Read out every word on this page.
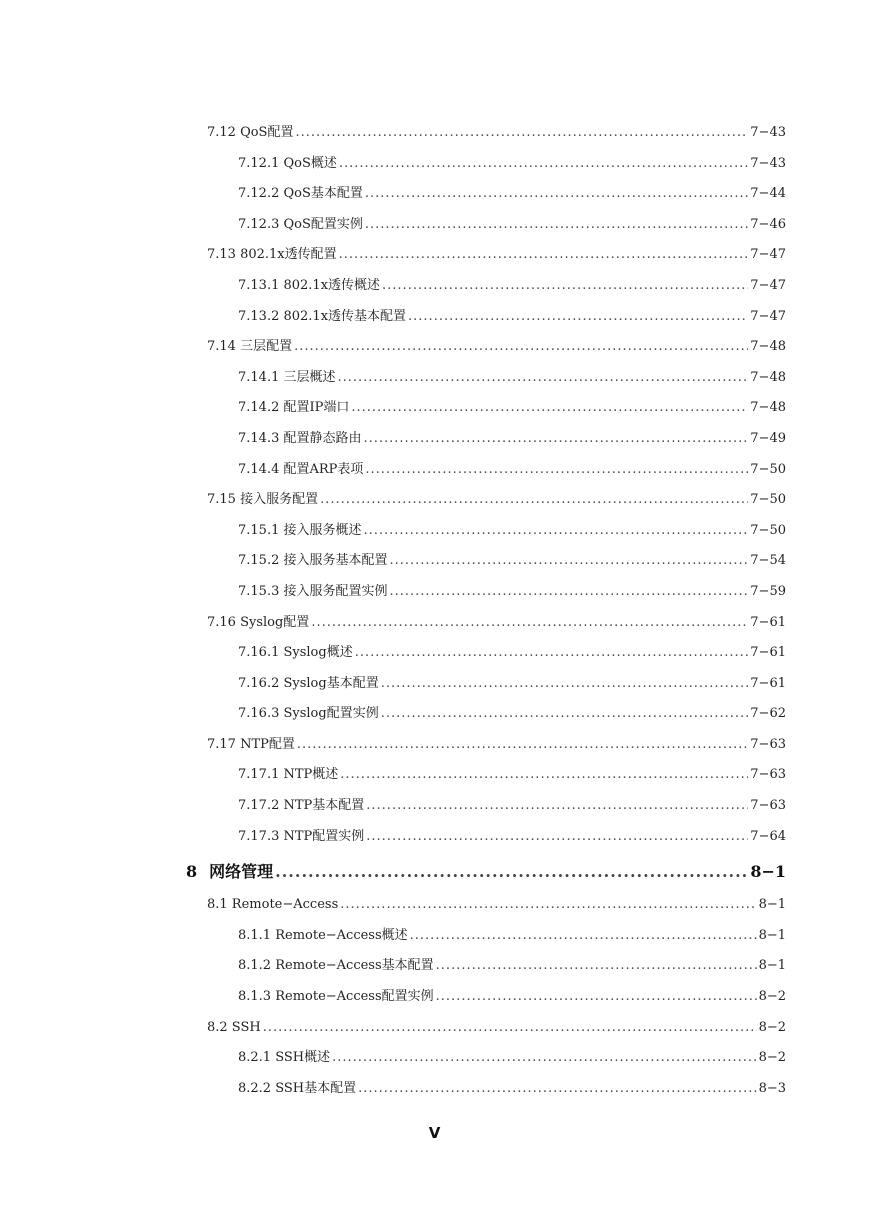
7.12 QoS配置 .....	7−43
7.12.1 QoS概述 .....	7−43
7.12.2 QoS基本配置 .....	7−44
7.12.3 QoS配置实例 .....	7−46
7.13 802.1x透传配置 .....	7−47
7.13.1 802.1x透传概述 .....	7−47
7.13.2 802.1x透传基本配置 .....	7−47
7.14 三层配置 .....	7−48
7.14.1 三层概述 .....	7−48
7.14.2 配置IP端口 .....	7−48
7.14.3 配置静态路由 .....	7−49
7.14.4 配置ARP表项 .....	7−50
7.15 接入服务配置 .....	7−50
7.15.1 接入服务概述 .....	7−50
7.15.2 接入服务基本配置 .....	7−54
7.15.3 接入服务配置实例 .....	7−59
7.16 Syslog配置 .....	7−61
7.16.1 Syslog概述 .....	7−61
7.16.2 Syslog基本配置 .....	7−61
7.16.3 Syslog配置实例 .....	7−62
7.17 NTP配置 .....	7−63
7.17.1 NTP概述 .....	7−63
7.17.2 NTP基本配置 .....	7−63
7.17.3 NTP配置实例 .....	7−64
8 网络管理 .....	8−1
8.1 Remote−Access .....	8−1
8.1.1 Remote−Access概述 .....	8−1
8.1.2 Remote−Access基本配置 .....	8−1
8.1.3 Remote−Access配置实例 .....	8−2
8.2 SSH .....	8−2
8.2.1 SSH概述 .....	8−2
8.2.2 SSH基本配置 .....	8−3
V
